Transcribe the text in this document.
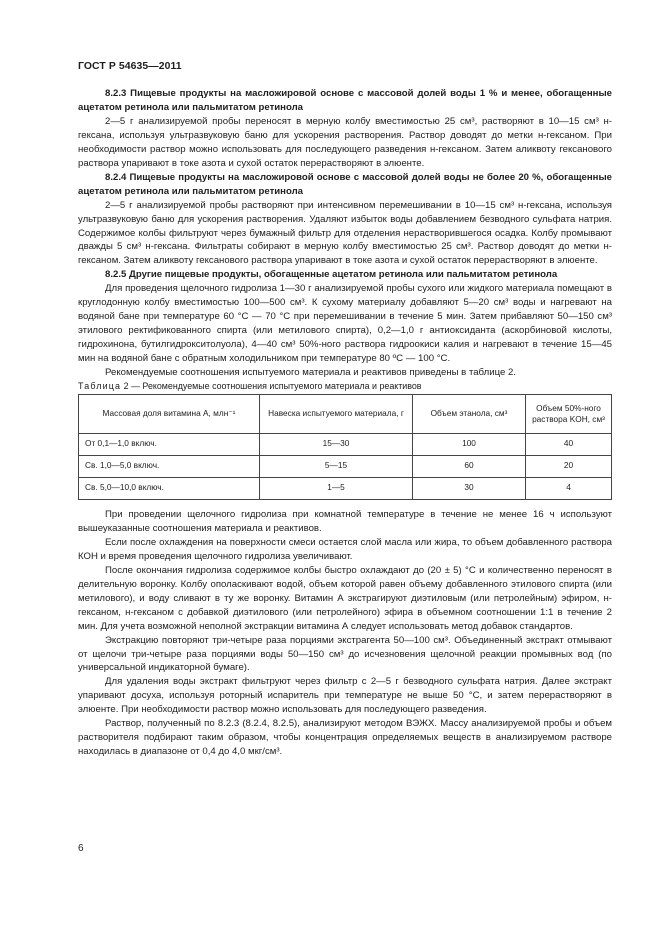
ГОСТ Р 54635—2011

8.2.3 Пищевые продукты на масложировой основе с массовой долей воды 1 % и менее, обогащенные ацетатом ретинола или пальмитатом ретинола

2—5 г анализируемой пробы переносят в мерную колбу вместимостью 25 см³, растворяют в 10—15 см³ н-гексана, используя ультразвуковую баню для ускорения растворения. Раствор доводят до метки н-гексаном. При необходимости раствор можно использовать для последующего разведения н-гексаном. Затем аликвоту гексанового раствора упаривают в токе азота и сухой остаток перерастворяют в элюенте.

8.2.4 Пищевые продукты на масложировой основе с массовой долей воды не более 20 %, обогащенные ацетатом ретинола или пальмитатом ретинола

2—5 г анализируемой пробы растворяют при интенсивном перемешивании в 10—15 см³ н-гексана, используя ультразвуковую баню для ускорения растворения. Удаляют избыток воды добавлением безводного сульфата натрия. Содержимое колбы фильтруют через бумажный фильтр для отделения нерастворившегося осадка. Колбу промывают дважды 5 см³ н-гексана. Фильтраты собирают в мерную колбу вместимостью 25 см³. Раствор доводят до метки н-гексаном. Затем аликвоту гексанового раствора упаривают в токе азота и сухой остаток перерастворяют в элюенте.

8.2.5 Другие пищевые продукты, обогащенные ацетатом ретинола или пальмитатом ретинола

Для проведения щелочного гидролиза 1—30 г анализируемой пробы сухого или жидкого материала помещают в круглодонную колбу вместимостью 100—500 см³. К сухому материалу добавляют 5—20 см³ воды и нагревают на водяной бане при температуре 60 °С — 70 °С при перемешивании в течение 5 мин. Затем прибавляют 50—150 см³ этилового ректификованного спирта (или метилового спирта), 0,2—1,0 г антиоксиданта (аскорбиновой кислоты, гидрохинона, бутилгидрокситолуола), 4—40 см³ 50%-ного раствора гидроокиси калия и нагревают в течение 15—45 мин на водяной бане с обратным холодильником при температуре 80 ºС — 100 °С.

Рекомендуемые соотношения испытуемого материала и реактивов приведены в таблице 2.

Таблица 2 — Рекомендуемые соотношения испытуемого материала и реактивов

Массовая доля витамина А, млн⁻¹	Навеска испытуемого материала, г	Объем этанола, см³	Объем 50%-ного раствора KOH, см³
От 0,1—1,0 включ.	15—30	100	40
Св. 1,0—5,0 включ.	5—15	60	20
Св. 5,0—10,0 включ.	1—5	30	4

При проведении щелочного гидролиза при комнатной температуре в течение не менее 16 ч используют вышеуказанные соотношения материала и реактивов.

Если после охлаждения на поверхности смеси остается слой масла или жира, то объем добавленного раствора КОН и время проведения щелочного гидролиза увеличивают.

После окончания гидролиза содержимое колбы быстро охлаждают до (20 ± 5) °С и количественно переносят в делительную воронку. Колбу ополаскивают водой, объем которой равен объему добавленного этилового спирта (или метилового), и воду сливают в ту же воронку. Витамин А экстрагируют диэтиловым (или петролейным) эфиром, н-гексаном, н-гексаном с добавкой диэтилового (или петролейного) эфира в объемном соотношении 1:1 в течение 2 мин. Для учета возможной неполной экстракции витамина А следует использовать метод добавок стандартов.

Экстракцию повторяют три-четыре раза порциями экстрагента 50—100 см³. Объединенный экстракт отмывают от щелочи три-четыре раза порциями воды 50—150 см³ до исчезновения щелочной реакции промывных вод (по универсальной индикаторной бумаге).

Для удаления воды экстракт фильтруют через фильтр с 2—5 г безводного сульфата натрия. Далее экстракт упаривают досуха, используя роторный испаритель при температуре не выше 50 °С, и затем перерастворяют в элюенте. При необходимости раствор можно использовать для последующего разведения.

Раствор, полученный по 8.2.3 (8.2.4, 8.2.5), анализируют методом ВЭЖХ. Массу анализируемой пробы и объем растворителя подбирают таким образом, чтобы концентрация определяемых веществ в анализируемом растворе находилась в диапазоне от 0,4 до 4,0 мкг/см³.

6
